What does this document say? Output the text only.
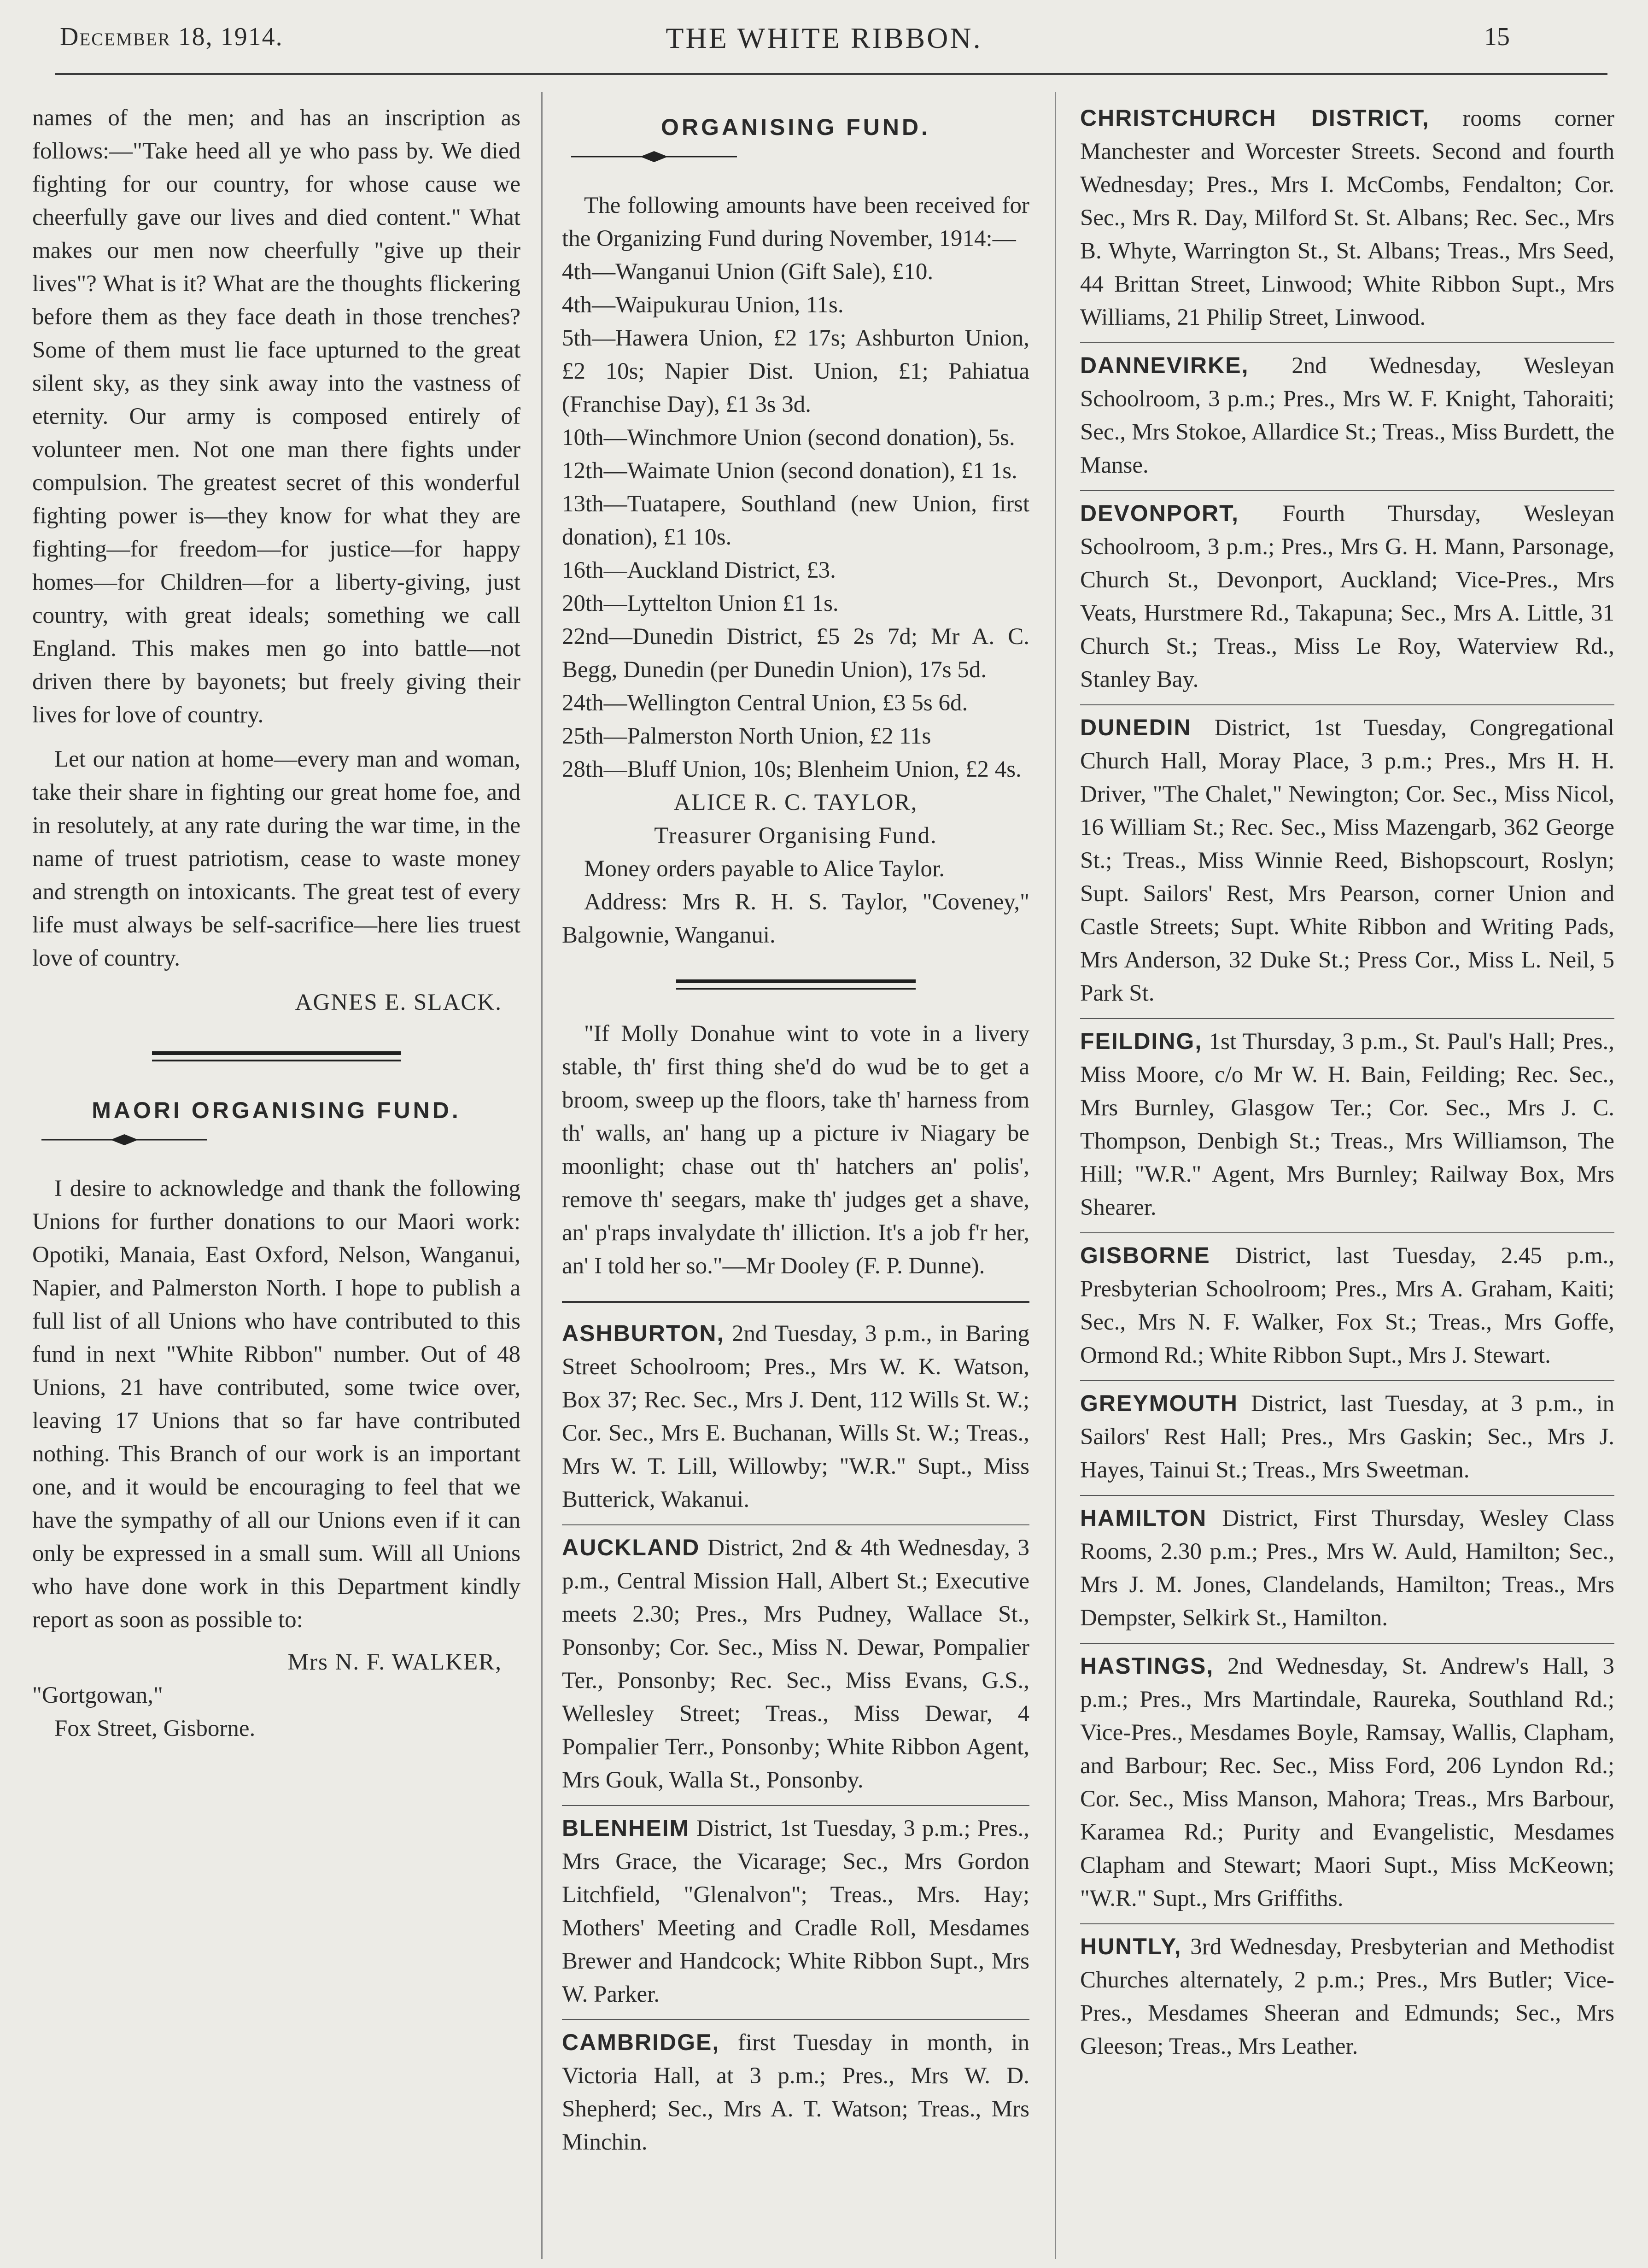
December 18, 1914.	THE WHITE RIBBON.	15

names of the men; and has an inscription as follows:—"Take heed all ye who pass by. We died fighting for our country, for whose cause we cheerfully gave our lives and died content." What makes our men now cheerfully "give up their lives"? What is it? What are the thoughts flickering before them as they face death in those trenches? Some of them must lie face upturned to the great silent sky, as they sink away into the vastness of eternity. Our army is composed entirely of volunteer men. Not one man there fights under compulsion. The greatest secret of this wonderful fighting power is—they know for what they are fighting—for freedom—for justice—for happy homes—for Children—for a liberty-giving, just country, with great ideals; something we call England. This makes men go into battle—not driven there by bayonets; but freely giving their lives for love of country.

Let our nation at home—every man and woman, take their share in fighting our great home foe, and in resolutely, at any rate during the war time, in the name of truest patriotism, cease to waste money and strength on intoxicants. The great test of every life must always be self-sacrifice—here lies truest love of country.

AGNES E. SLACK.

MAORI ORGANISING FUND.

I desire to acknowledge and thank the following Unions for further donations to our Maori work: Opotiki, Manaia, East Oxford, Nelson, Wanganui, Napier, and Palmerston North. I hope to publish a full list of all Unions who have contributed to this fund in next "White Ribbon" number. Out of 48 Unions, 21 have contributed, some twice over, leaving 17 Unions that so far have contributed nothing. This Branch of our work is an important one, and it would be encouraging to feel that we have the sympathy of all our Unions even if it can only be expressed in a small sum. Will all Unions who have done work in this Department kindly report as soon as possible to:

Mrs N. F. WALKER,

"Gortgowan,"

Fox Street, Gisborne.

ORGANISING FUND.

The following amounts have been received for the Organizing Fund during November, 1914:—

4th—Wanganui Union (Gift Sale), £10.

4th—Waipukurau Union, 11s.

5th—Hawera Union, £2 17s; Ashburton Union, £2 10s; Napier Dist. Union, £1; Pahiatua (Franchise Day), £1 3s 3d.

10th—Winchmore Union (second donation), 5s.

12th—Waimate Union (second donation), £1 1s.

13th—Tuatapere, Southland (new Union, first donation), £1 10s.

16th—Auckland District, £3.

20th—Lyttelton Union £1 1s.

22nd—Dunedin District, £5 2s 7d; Mr A. C. Begg, Dunedin (per Dunedin Union), 17s 5d.

24th—Wellington Central Union, £3 5s 6d.

25th—Palmerston North Union, £2 11s

28th—Bluff Union, 10s; Blenheim Union, £2 4s.

ALICE R. C. TAYLOR,

Treasurer Organising Fund.

Money orders payable to Alice Taylor.

Address: Mrs R. H. S. Taylor, "Coveney," Balgownie, Wanganui.

"If Molly Donahue wint to vote in a livery stable, th' first thing she'd do wud be to get a broom, sweep up the floors, take th' harness from th' walls, an' hang up a picture iv Niagary be moonlight; chase out th' hatchers an' polis', remove th' seegars, make th' judges get a shave, an' p'raps invalydate th' illiction. It's a job f'r her, an' I told her so."—Mr Dooley (F. P. Dunne).

ASHBURTON, 2nd Tuesday, 3 p.m., in Baring Street Schoolroom; Pres., Mrs W. K. Watson, Box 37; Rec. Sec., Mrs J. Dent, 112 Wills St. W.; Cor. Sec., Mrs E. Buchanan, Wills St. W.; Treas., Mrs W. T. Lill, Willowby; "W.R." Supt., Miss Butterick, Wakanui.

AUCKLAND District, 2nd & 4th Wednesday, 3 p.m., Central Mission Hall, Albert St.; Executive meets 2.30; Pres., Mrs Pudney, Wallace St., Ponsonby; Cor. Sec., Miss N. Dewar, Pompalier Ter., Ponsonby; Rec. Sec., Miss Evans, G.S., Wellesley Street; Treas., Miss Dewar, 4 Pompalier Terr., Ponsonby; White Ribbon Agent, Mrs Gouk, Walla St., Ponsonby.

BLENHEIM District, 1st Tuesday, 3 p.m.; Pres., Mrs Grace, the Vicarage; Sec., Mrs Gordon Litchfield, "Glenalvon"; Treas., Mrs. Hay; Mothers' Meeting and Cradle Roll, Mesdames Brewer and Handcock; White Ribbon Supt., Mrs W. Parker.

CAMBRIDGE, first Tuesday in month, in Victoria Hall, at 3 p.m.; Pres., Mrs W. D. Shepherd; Sec., Mrs A. T. Watson; Treas., Mrs Minchin.

CHRISTCHURCH DISTRICT, rooms corner Manchester and Worcester Streets. Second and fourth Wednesday; Pres., Mrs I. McCombs, Fendalton; Cor. Sec., Mrs R. Day, Milford St. St. Albans; Rec. Sec., Mrs B. Whyte, Warrington St., St. Albans; Treas., Mrs Seed, 44 Brittan Street, Linwood; White Ribbon Supt., Mrs Williams, 21 Philip Street, Linwood.

DANNEVIRKE, 2nd Wednesday, Wesleyan Schoolroom, 3 p.m.; Pres., Mrs W. F. Knight, Tahoraiti; Sec., Mrs Stokoe, Allardice St.; Treas., Miss Burdett, the Manse.

DEVONPORT, Fourth Thursday, Wesleyan Schoolroom, 3 p.m.; Pres., Mrs G. H. Mann, Parsonage, Church St., Devonport, Auckland; Vice-Pres., Mrs Veats, Hurstmere Rd., Takapuna; Sec., Mrs A. Little, 31 Church St.; Treas., Miss Le Roy, Waterview Rd., Stanley Bay.

DUNEDIN District, 1st Tuesday, Congregational Church Hall, Moray Place, 3 p.m.; Pres., Mrs H. H. Driver, "The Chalet," Newington; Cor. Sec., Miss Nicol, 16 William St.; Rec. Sec., Miss Mazengarb, 362 George St.; Treas., Miss Winnie Reed, Bishopscourt, Roslyn; Supt. Sailors' Rest, Mrs Pearson, corner Union and Castle Streets; Supt. White Ribbon and Writing Pads, Mrs Anderson, 32 Duke St.; Press Cor., Miss L. Neil, 5 Park St.

FEILDING, 1st Thursday, 3 p.m., St. Paul's Hall; Pres., Miss Moore, c/o Mr W. H. Bain, Feilding; Rec. Sec., Mrs Burnley, Glasgow Ter.; Cor. Sec., Mrs J. C. Thompson, Denbigh St.; Treas., Mrs Williamson, The Hill; "W.R." Agent, Mrs Burnley; Railway Box, Mrs Shearer.

GISBORNE District, last Tuesday, 2.45 p.m., Presbyterian Schoolroom; Pres., Mrs A. Graham, Kaiti; Sec., Mrs N. F. Walker, Fox St.; Treas., Mrs Goffe, Ormond Rd.; White Ribbon Supt., Mrs J. Stewart.

GREYMOUTH District, last Tuesday, at 3 p.m., in Sailors' Rest Hall; Pres., Mrs Gaskin; Sec., Mrs J. Hayes, Tainui St.; Treas., Mrs Sweetman.

HAMILTON District, First Thursday, Wesley Class Rooms, 2.30 p.m.; Pres., Mrs W. Auld, Hamilton; Sec., Mrs J. M. Jones, Clandelands, Hamilton; Treas., Mrs Dempster, Selkirk St., Hamilton.

HASTINGS, 2nd Wednesday, St. Andrew's Hall, 3 p.m.; Pres., Mrs Martindale, Raureka, Southland Rd.; Vice-Pres., Mesdames Boyle, Ramsay, Wallis, Clapham, and Barbour; Rec. Sec., Miss Ford, 206 Lyndon Rd.; Cor. Sec., Miss Manson, Mahora; Treas., Mrs Barbour, Karamea Rd.; Purity and Evangelistic, Mesdames Clapham and Stewart; Maori Supt., Miss McKeown; "W.R." Supt., Mrs Griffiths.

HUNTLY, 3rd Wednesday, Presbyterian and Methodist Churches alternately, 2 p.m.; Pres., Mrs Butler; Vice-Pres., Mesdames Sheeran and Edmunds; Sec., Mrs Gleeson; Treas., Mrs Leather.
